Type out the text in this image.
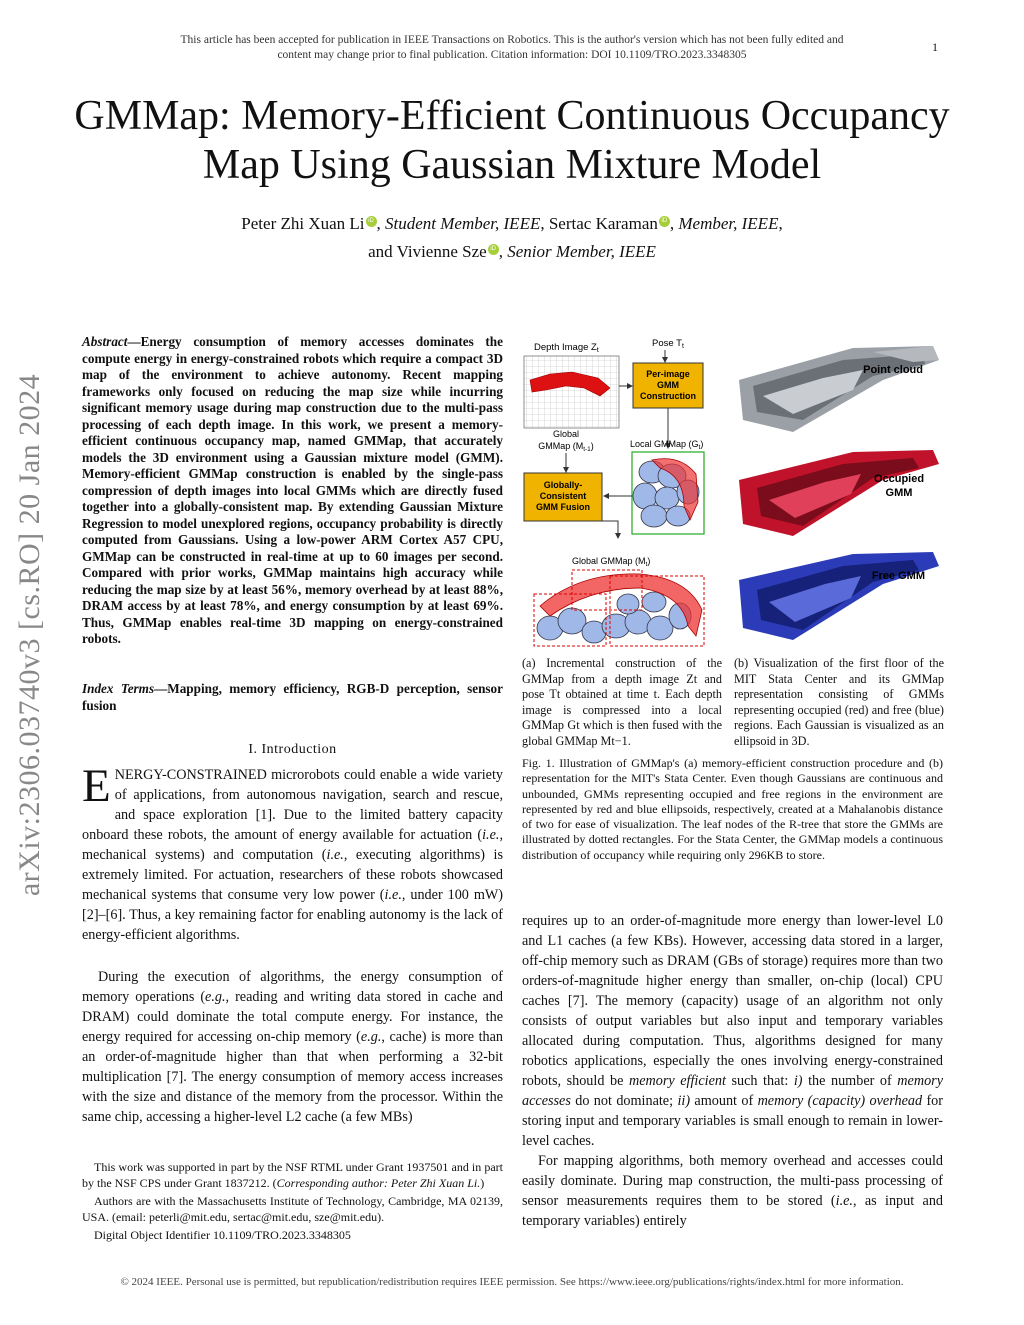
This article has been accepted for publication in IEEE Transactions on Robotics. This is the author's version which has not been fully edited and
content may change prior to final publication. Citation information: DOI 10.1109/TRO.2023.3348305
1
arXiv:2306.03740v3 [cs.RO] 20 Jan 2024
GMMap: Memory-Efficient Continuous Occupancy
Map Using Gaussian Mixture Model
Peter Zhi Xuan Li iD , Student Member, IEEE, Sertac Karaman iD , Member, IEEE,
and Vivienne Sze iD , Senior Member, IEEE
Abstract—Energy consumption of memory accesses dominates the compute energy in energy-constrained robots which require a compact 3D map of the environment to achieve autonomy. Recent mapping frameworks only focused on reducing the map size while incurring significant memory usage during map construction due to the multi-pass processing of each depth image. In this work, we present a memory-efficient continuous occupancy map, named GMMap, that accurately models the 3D environment using a Gaussian mixture model (GMM). Memory-efficient GMMap construction is enabled by the single-pass compression of depth images into local GMMs which are directly fused together into a globally-consistent map. By extending Gaussian Mixture Regression to model unexplored regions, occupancy probability is directly computed from Gaussians. Using a low-power ARM Cortex A57 CPU, GMMap can be constructed in real-time at up to 60 images per second. Compared with prior works, GMMap maintains high accuracy while reducing the map size by at least 56%, memory overhead by at least 88%, DRAM access by at least 78%, and energy consumption by at least 69%. Thus, GMMap enables real-time 3D mapping on energy-constrained robots.
Index Terms—Mapping, memory efficiency, RGB-D perception, sensor fusion
I. Introduction
ENERGY-CONSTRAINED microrobots could enable a wide variety of applications, from autonomous navigation, search and rescue, and space exploration [1]. Due to the limited battery capacity onboard these robots, the amount of energy available for actuation (i.e., mechanical systems) and computation (i.e., executing algorithms) is extremely limited. For actuation, researchers of these robots showcased mechanical systems that consume very low power (i.e., under 100 mW) [2]–[6]. Thus, a key remaining factor for enabling autonomy is the lack of energy-efficient algorithms.
During the execution of algorithms, the energy consumption of memory operations (e.g., reading and writing data stored in cache and DRAM) could dominate the total compute energy. For instance, the energy required for accessing on-chip memory (e.g., cache) is more than an order-of-magnitude higher than that when performing a 32-bit multiplication [7]. The energy consumption of memory access increases with the size and distance of the memory from the processor. Within the same chip, accessing a higher-level L2 cache (a few MBs)

This work was supported in part by the NSF RTML under Grant 1937501 and in part by the NSF CPS under Grant 1837212. (Corresponding author: Peter Zhi Xuan Li.)

Authors are with the Massachusetts Institute of Technology, Cambridge, MA 02139, USA. (email: peterli@mit.edu, sertac@mit.edu, sze@mit.edu).

Digital Object Identifier 10.1109/TRO.2023.3348305

Depth Image $Z_t$
Pose $T_t$
Per-image
GMM
Construction
Global
GMMap $(M_{t-1})$	Local GMMap $(G_t)$
Globally-
Consistent
GMM Fusion
Global GMMap $(M_t)$
Point cloud
Occupied
GMM
Free GMM
(a) Incremental construction of the GMMap from a depth image Zt and pose Tt obtained at time t. Each depth image is compressed into a local GMMap Gt which is then fused with the global GMMap Mt−1.
(b) Visualization of the first floor of the MIT Stata Center and its GMMap representation consisting of GMMs representing occupied (red) and free (blue) regions. Each Gaussian is visualized as an ellipsoid in 3D.
Fig. 1. Illustration of GMMap's (a) memory-efficient construction procedure and (b) representation for the MIT's Stata Center. Even though Gaussians are continuous and unbounded, GMMs representing occupied and free regions in the environment are represented by red and blue ellipsoids, respectively, created at a Mahalanobis distance of two for ease of visualization. The leaf nodes of the R-tree that store the GMMs are illustrated by dotted rectangles. For the Stata Center, the GMMap models a continuous distribution of occupancy while requiring only 296KB to store.

requires up to an order-of-magnitude more energy than lower-level L0 and L1 caches (a few KBs). However, accessing data stored in a larger, off-chip memory such as DRAM (GBs of storage) requires more than two orders-of-magnitude higher energy than smaller, on-chip (local) CPU caches [7]. The memory (capacity) usage of an algorithm not only consists of output variables but also input and temporary variables allocated during computation. Thus, algorithms designed for many robotics applications, especially the ones involving energy-constrained robots, should be memory efficient such that: i) the number of memory accesses do not dominate; ii) amount of memory (capacity) overhead for storing input and temporary variables is small enough to remain in lower-level caches.

For mapping algorithms, both memory overhead and accesses could easily dominate. During map construction, the multi-pass processing of sensor measurements requires them to be stored (i.e., as input and temporary variables) entirely

© 2024 IEEE. Personal use is permitted, but republication/redistribution requires IEEE permission. See https://www.ieee.org/publications/rights/index.html for more information.
